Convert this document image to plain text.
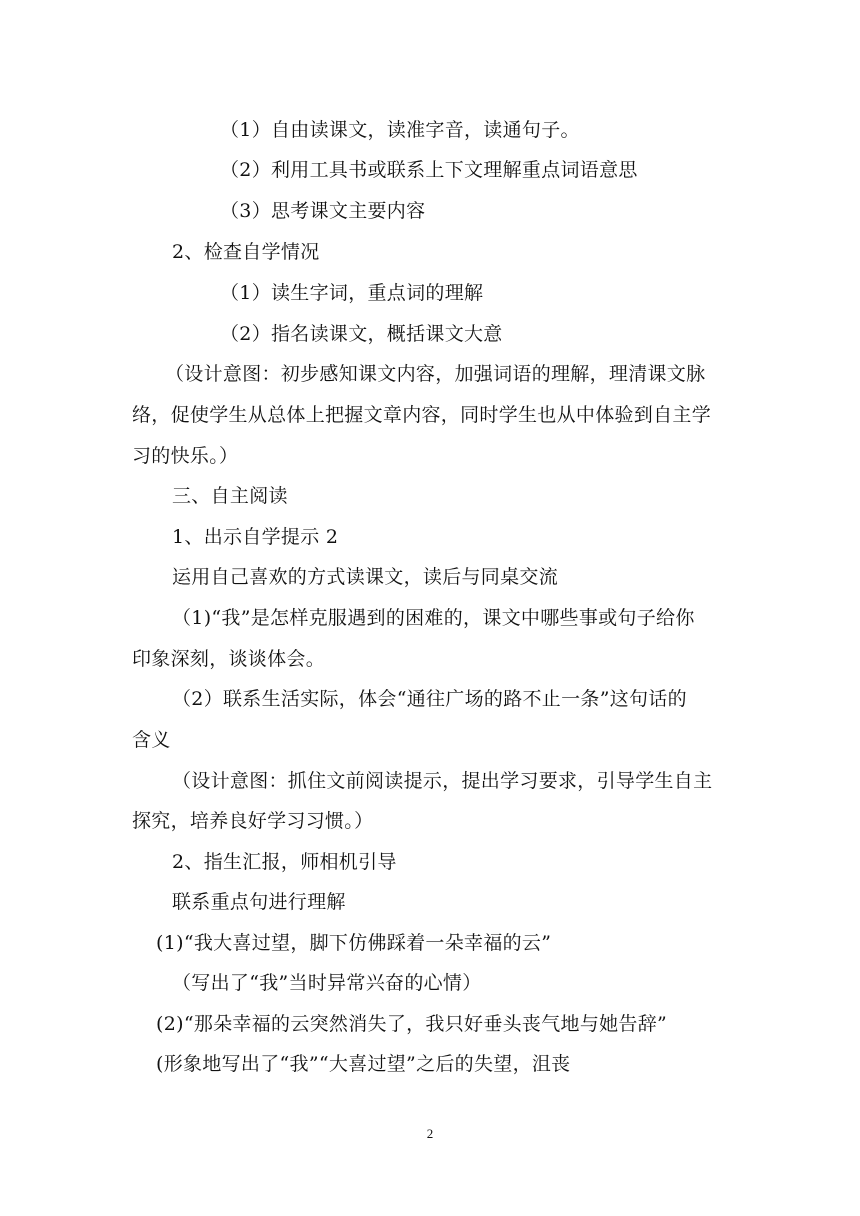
（1）自由读课文，读准字音，读通句子。
（2）利用工具书或联系上下文理解重点词语意思
（3）思考课文主要内容
2、检查自学情况
（1）读生字词，重点词的理解
（2）指名读课文，概括课文大意
（设计意图：初步感知课文内容，加强词语的理解，理清课文脉
络，促使学生从总体上把握文章内容，同时学生也从中体验到自主学
习的快乐。）
三、自主阅读
1、出示自学提示 2
运用自己喜欢的方式读课文，读后与同桌交流
（1)“我”是怎样克服遇到的困难的，课文中哪些事或句子给你
印象深刻，谈谈体会。
（2）联系生活实际，体会“通往广场的路不止一条”这句话的
含义
（设计意图：抓住文前阅读提示，提出学习要求，引导学生自主
探究，培养良好学习习惯。）
2、指生汇报，师相机引导
联系重点句进行理解
(1)“我大喜过望，脚下仿佛踩着一朵幸福的云”
（写出了“我”当时异常兴奋的心情）
(2)“那朵幸福的云突然消失了，我只好垂头丧气地与她告辞”
(形象地写出了“我”“大喜过望”之后的失望，沮丧
2
